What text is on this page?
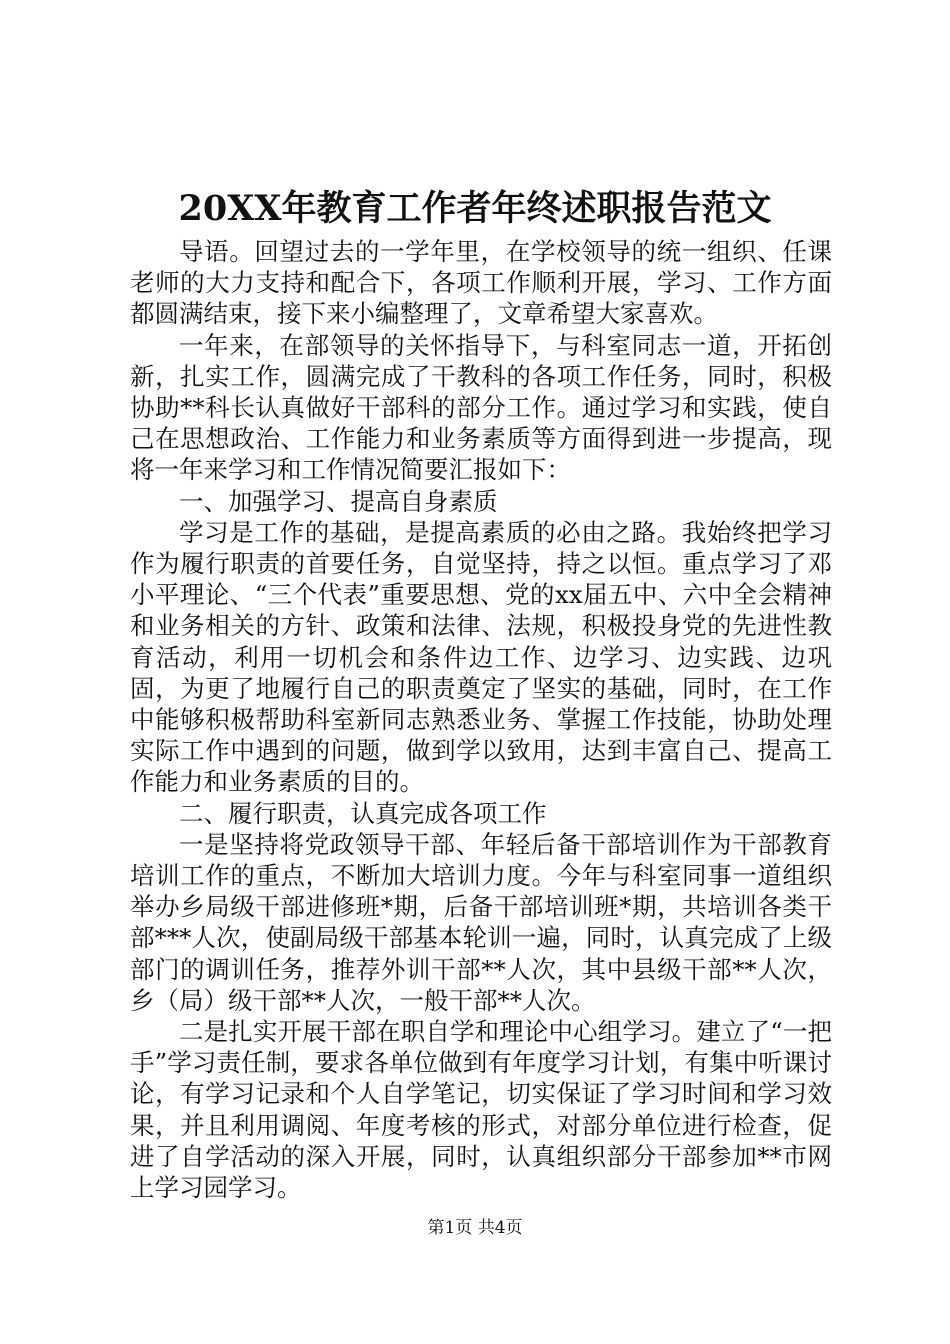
20XX年教育工作者年终述职报告范文

导语。回望过去的一学年里，在学校领导的统一组织、任课老师的大力支持和配合下，各项工作顺利开展，学习、工作方面都圆满结束，接下来小编整理了，文章希望大家喜欢。

一年来，在部领导的关怀指导下，与科室同志一道，开拓创新，扎实工作，圆满完成了干教科的各项工作任务，同时，积极协助**科长认真做好干部科的部分工作。通过学习和实践，使自己在思想政治、工作能力和业务素质等方面得到进一步提高，现将一年来学习和工作情况简要汇报如下：

一、加强学习、提高自身素质

学习是工作的基础，是提高素质的必由之路。我始终把学习作为履行职责的首要任务，自觉坚持，持之以恒。重点学习了邓小平理论、“三个代表”重要思想、党的xx届五中、六中全会精神和业务相关的方针、政策和法律、法规，积极投身党的先进性教育活动，利用一切机会和条件边工作、边学习、边实践、边巩固，为更了地履行自己的职责奠定了坚实的基础，同时，在工作中能够积极帮助科室新同志熟悉业务、掌握工作技能，协助处理实际工作中遇到的问题，做到学以致用，达到丰富自己、提高工作能力和业务素质的目的。

二、履行职责，认真完成各项工作

一是坚持将党政领导干部、年轻后备干部培训作为干部教育培训工作的重点，不断加大培训力度。今年与科室同事一道组织举办乡局级干部进修班*期，后备干部培训班*期，共培训各类干部***人次，使副局级干部基本轮训一遍，同时，认真完成了上级部门的调训任务，推荐外训干部**人次，其中县级干部**人次，乡（局）级干部**人次，一般干部**人次。

二是扎实开展干部在职自学和理论中心组学习。建立了“一把手”学习责任制，要求各单位做到有年度学习计划，有集中听课讨论，有学习记录和个人自学笔记，切实保证了学习时间和学习效果，并且利用调阅、年度考核的形式，对部分单位进行检查，促进了自学活动的深入开展，同时，认真组织部分干部参加**市网上学习园学习。

第1页 共4页
